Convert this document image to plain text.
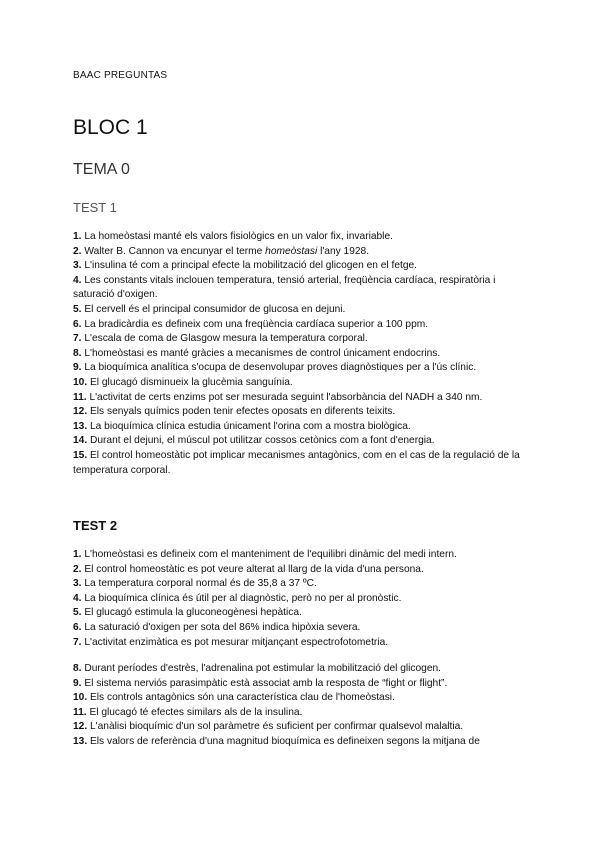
BAAC PREGUNTAS
BLOC 1
TEMA 0
TEST 1

1. La homeòstasi manté els valors fisiològics en un valor fix, invariable.

2. Walter B. Cannon va encunyar el terme homeòstasi l'any 1928.

3. L'insulina té com a principal efecte la mobilització del glicogen en el fetge.

4. Les constants vitals inclouen temperatura, tensió arterial, freqüència cardíaca, respiratòria i saturació d'oxigen.

5. El cervell és el principal consumidor de glucosa en dejuni.

6. La bradicàrdia es defineix com una freqüència cardíaca superior a 100 ppm.

7. L'escala de coma de Glasgow mesura la temperatura corporal.

8. L'homeòstasi es manté gràcies a mecanismes de control únicament endocrins.

9. La bioquímica analítica s'ocupa de desenvolupar proves diagnòstiques per a l'ús clínic.

10. El glucagó disminueix la glucèmia sanguínia.

11. L'activitat de certs enzims pot ser mesurada seguint l'absorbància del NADH a 340 nm.

12. Els senyals químics poden tenir efectes oposats en diferents teixits.

13. La bioquímica clínica estudia únicament l'orina com a mostra biològica.

14. Durant el dejuni, el múscul pot utilitzar cossos cetònics com a font d'energia.

15. El control homeostàtic pot implicar mecanismes antagònics, com en el cas de la regulació de la temperatura corporal.

TEST 2

1. L'homeòstasi es defineix com el manteniment de l'equilibri dinàmic del medi intern.

2. El control homeostàtic es pot veure alterat al llarg de la vida d'una persona.

3. La temperatura corporal normal és de 35,8 a 37 ºC.

4. La bioquímica clínica és útil per al diagnòstic, però no per al pronòstic.

5. El glucagó estimula la gluconeogènesi hepàtica.

6. La saturació d'oxigen per sota del 86% indica hipòxia severa.

7. L'activitat enzimàtica es pot mesurar mitjançant espectrofotometria.

8. Durant períodes d'estrès, l'adrenalina pot estimular la mobilització del glicogen.

9. El sistema nerviós parasimpàtic està associat amb la resposta de “fight or flight”.

10. Els controls antagònics són una característica clau de l'homeòstasi.

11. El glucagó té efectes similars als de la insulina.

12. L'anàlisi bioquímic d'un sol paràmetre és suficient per confirmar qualsevol malaltia.

13. Els valors de referència d'una magnitud bioquímica es defineixen segons la mitjana de
